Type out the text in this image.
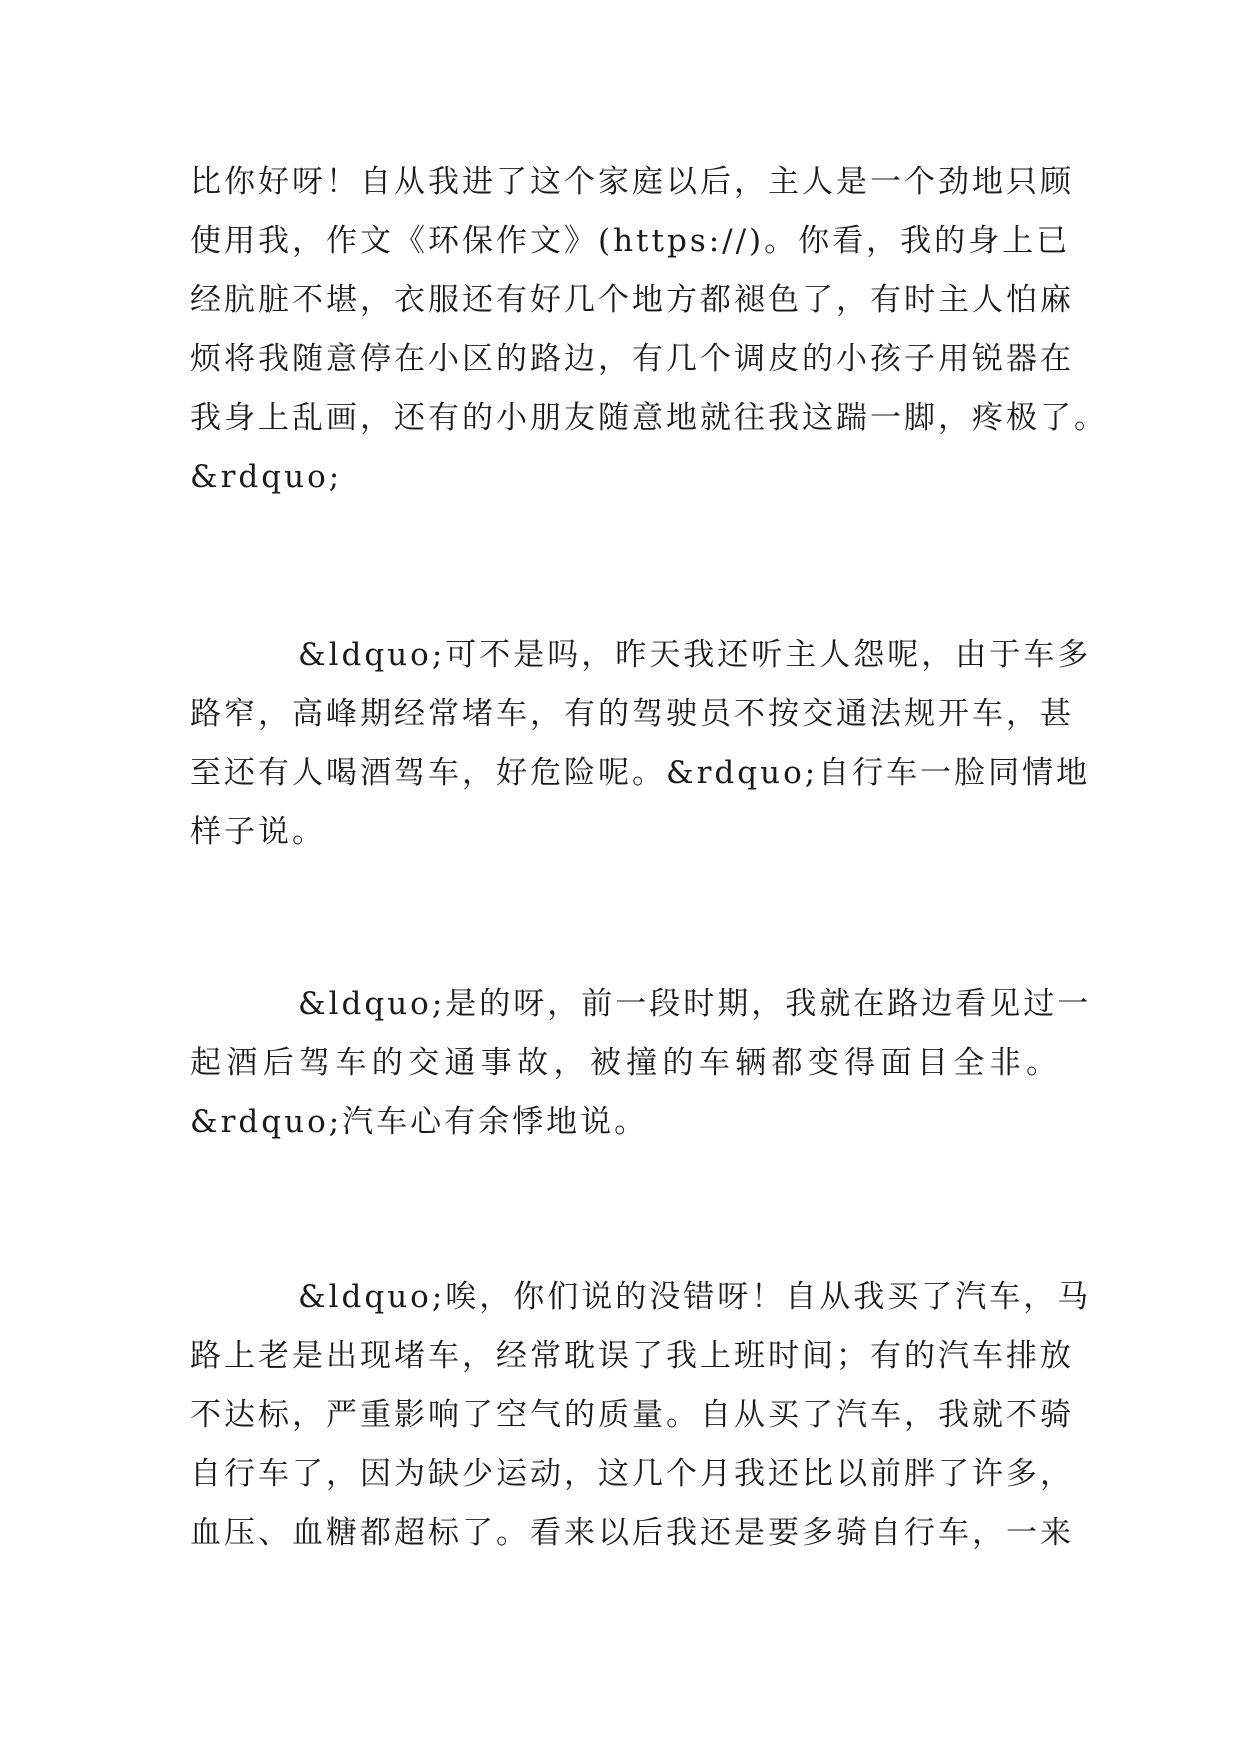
比你好呀！自从我进了这个家庭以后，主人是一个劲地只顾
使用我，作文《环保作文》(https://)。你看，我的身上已
经肮脏不堪，衣服还有好几个地方都褪色了，有时主人怕麻
烦将我随意停在小区的路边，有几个调皮的小孩子用锐器在
我身上乱画，还有的小朋友随意地就往我这踹一脚，疼极了。
&rdquo;
&ldquo;可不是吗，昨天我还听主人怨呢，由于车多
路窄，高峰期经常堵车，有的驾驶员不按交通法规开车，甚
至还有人喝酒驾车，好危险呢。&rdquo;自行车一脸同情地
样子说。
&ldquo;是的呀，前一段时期，我就在路边看见过一
起酒后驾车的交通事故，被撞的车辆都变得面目全非。
&rdquo;汽车心有余悸地说。
&ldquo;唉，你们说的没错呀！自从我买了汽车，马
路上老是出现堵车，经常耽误了我上班时间；有的汽车排放
不达标，严重影响了空气的质量。自从买了汽车，我就不骑
自行车了，因为缺少运动，这几个月我还比以前胖了许多，
血压、血糖都超标了。看来以后我还是要多骑自行车，一来
